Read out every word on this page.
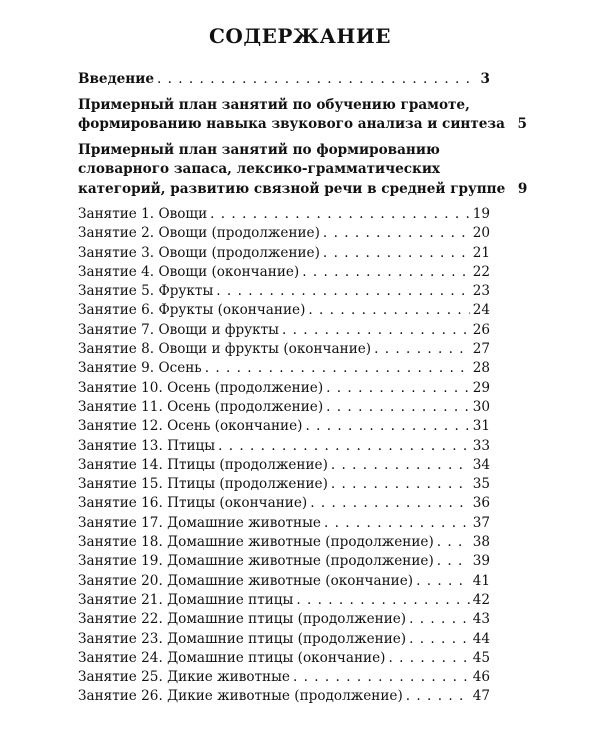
СОДЕРЖАНИЕ
Введение . . .	3
Примерный план занятий по обучению грамоте,
формированию навыка звукового анализа и синтеза 5
Примерный план занятий по формированию
словарного запаса, лексико-грамматических
категорий, развитию связной речи в средней группе 9
Занятие 1. Овощи . . .	19
Занятие 2. Овощи (продолжение) . . .	20
Занятие 3. Овощи (продолжение) . . .	21
Занятие 4. Овощи (окончание) . . .	22
Занятие 5. Фрукты . . .	23
Занятие 6. Фрукты (окончание) . . .	24
Занятие 7. Овощи и фрукты . . .	26
Занятие 8. Овощи и фрукты (окончание) . . .	27
Занятие 9. Осень . . .	28
Занятие 10. Осень (продолжение) . . .	29
Занятие 11. Осень (продолжение) . . .	30
Занятие 12. Осень (окончание) . . .	31
Занятие 13. Птицы . . .	33
Занятие 14. Птицы (продолжение) . . .	34
Занятие 15. Птицы (продолжение) . . .	35
Занятие 16. Птицы (окончание) . . .	36
Занятие 17. Домашние животные . . .	37
Занятие 18. Домашние животные (продолжение) . . .	38
Занятие 19. Домашние животные (продолжение) . . .	39
Занятие 20. Домашние животные (окончание) . . .	41
Занятие 21. Домашние птицы . . .	42
Занятие 22. Домашние птицы (продолжение) . . .	43
Занятие 23. Домашние птицы (продолжение) . . .	44
Занятие 24. Домашние птицы (окончание) . . .	45
Занятие 25. Дикие животные . . .	46
Занятие 26. Дикие животные (продолжение) . . .	47
